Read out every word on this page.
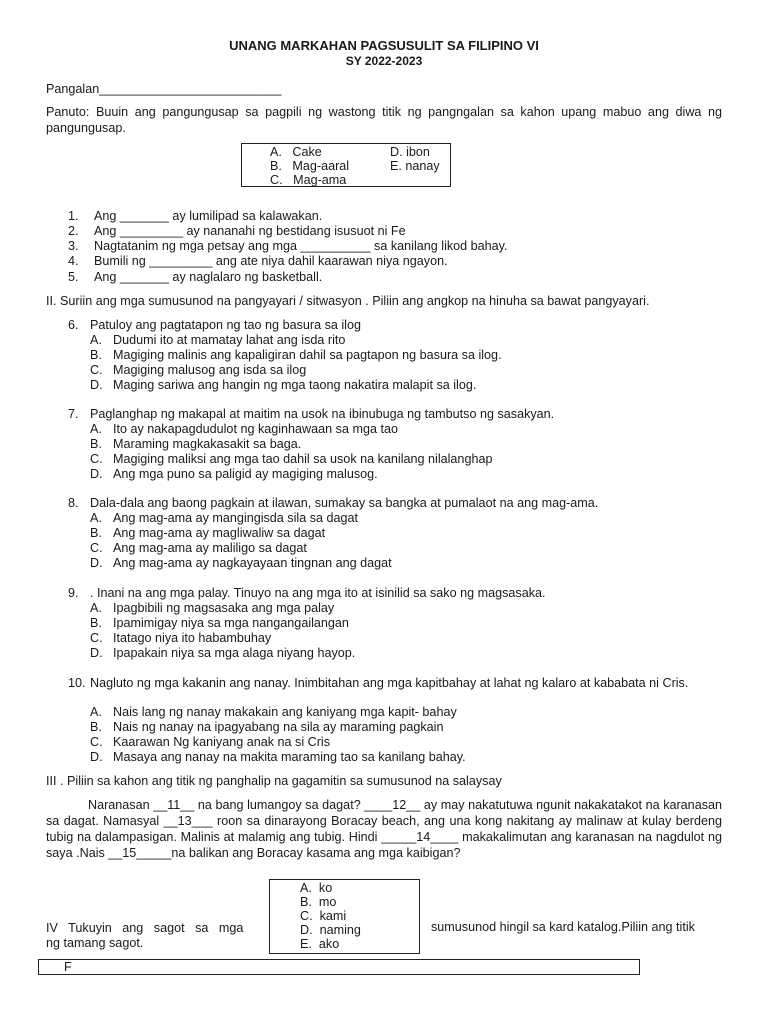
UNANG MARKAHAN PAGSUSULIT SA FILIPINO VI
SY 2022-2023
Pangalan__________________________
Panuto: Buuin ang pangungusap sa pagpili ng wastong titik ng pangngalan sa kahon upang mabuo ang diwa ng pangungusap.
A. Cake
B. Mag-aaral
C. Mag-ama
D. ibon
E. nanay
1. Ang _______ ay lumilipad sa kalawakan.
2. Ang _________ ay nananahi ng bestidang isusuot ni Fe
3. Nagtatanim ng mga petsay ang mga __________ sa kanilang likod bahay.
4. Bumili ng _________ ang ate niya dahil kaarawan niya ngayon.
5. Ang _______ ay naglalaro ng basketball.
II. Suriin ang mga sumusunod na pangyayari / sitwasyon . Piliin ang angkop na hinuha sa bawat pangyayari.
6. Patuloy ang pagtatapon ng tao ng basura sa ilog
A. Dudumi ito at mamatay lahat ang isda rito
B. Magiging malinis ang kapaligiran dahil sa pagtapon ng basura sa ilog.
C. Magiging malusog ang isda sa ilog
D. Maging sariwa ang hangin ng mga taong nakatira malapit sa ilog.
7. Paglanghap ng makapal at maitim na usok na ibinubuga ng tambutso ng sasakyan.
A. Ito ay nakapagdudulot ng kaginhawaan sa mga tao
B. Maraming magkakasakit sa baga.
C. Magiging maliksi ang mga tao dahil sa usok na kanilang nilalanghap
D. Ang mga puno sa paligid ay magiging malusog.
8. Dala-dala ang baong pagkain at ilawan, sumakay sa bangka at pumalaot na ang mag-ama.
A. Ang mag-ama ay mangingisda sila sa dagat
B. Ang mag-ama ay magliwaliw sa dagat
C. Ang mag-ama ay maliligo sa dagat
D. Ang mag-ama ay nagkayayaan tingnan ang dagat
9. . Inani na ang mga palay. Tinuyo na ang mga ito at isinilid sa sako ng magsasaka.
A. Ipagbibili ng magsasaka ang mga palay
B. Ipamimigay niya sa mga nangangailangan
C. Itatago niya ito habambuhay
D. Ipapakain niya sa mga alaga niyang hayop.
10. Nagluto ng mga kakanin ang nanay. Inimbitahan ang mga kapitbahay at lahat ng kalaro at kababata ni Cris.
A. Nais lang ng nanay makakain ang kaniyang mga kapit- bahay
B. Nais ng nanay na ipagyabang na sila ay maraming pagkain
C. Kaarawan Ng kaniyang anak na si Cris
D. Masaya ang nanay na makita maraming tao sa kanilang bahay.
III . Piliin sa kahon ang titik ng panghalip na gagamitin sa sumusunod na salaysay
Naranasan __11__ na bang lumangoy sa dagat? ____12__ ay may nakatutuwa ngunit nakakatakot na karanasan sa dagat. Namasyal __13___ roon sa dinarayong Boracay beach, ang una kong nakitang ay malinaw at kulay berdeng tubig na dalampasigan. Malinis at malamig ang tubig. Hindi _____14____ makakalimutan ang karanasan na nagdulot ng saya .Nais __15_____na balikan ang Boracay kasama ang mga kaibigan?
A. ko
B. mo
C. kami
D. naming
E. ako
IV Tukuyin ang sagot sa mga	sumusunod hingil sa kard katalog.Piliin ang titik
ng tamang sagot.
F
